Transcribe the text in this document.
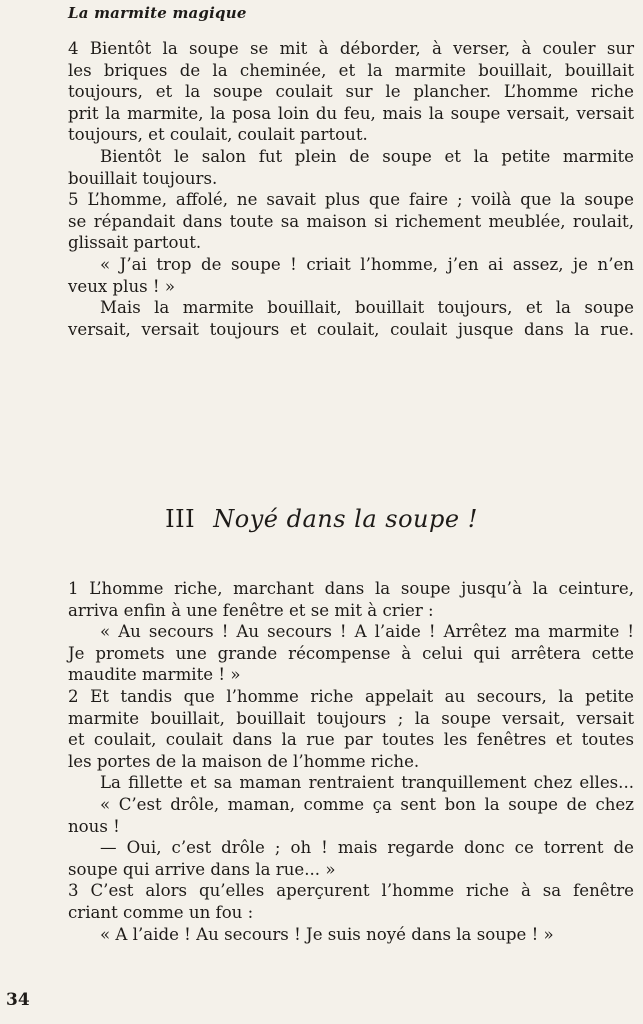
La marmite magique
4 Bientôt la soupe se mit à déborder, à verser, à couler sur
les briques de la cheminée, et la marmite bouillait, bouillait
toujours, et la soupe coulait sur le plancher. L’homme riche
prit la marmite, la posa loin du feu, mais la soupe versait, versait
toujours, et coulait, coulait partout.
Bientôt le salon fut plein de soupe et la petite marmite
bouillait toujours.
5 L’homme, affolé, ne savait plus que faire ; voilà que la soupe
se répandait dans toute sa maison si richement meublée, roulait,
glissait partout.
« J’ai trop de soupe ! criait l’homme, j’en ai assez, je n’en
veux plus ! »
Mais la marmite bouillait, bouillait toujours, et la soupe
versait, versait toujours et coulait, coulait jusque dans la rue.
III Noyé dans la soupe !
1 L’homme riche, marchant dans la soupe jusqu’à la ceinture,
arriva enfin à une fenêtre et se mit à crier :
« Au secours ! Au secours ! A l’aide ! Arrêtez ma marmite !
Je promets une grande récompense à celui qui arrêtera cette
maudite marmite ! »
2 Et tandis que l’homme riche appelait au secours, la petite
marmite bouillait, bouillait toujours ; la soupe versait, versait
et coulait, coulait dans la rue par toutes les fenêtres et toutes
les portes de la maison de l’homme riche.
La fillette et sa maman rentraient tranquillement chez elles...
« C’est drôle, maman, comme ça sent bon la soupe de chez
nous !
— Oui, c’est drôle ; oh ! mais regarde donc ce torrent de
soupe qui arrive dans la rue... »
3 C’est alors qu’elles aperçurent l’homme riche à sa fenêtre
criant comme un fou :
« A l’aide ! Au secours ! Je suis noyé dans la soupe ! »
34
